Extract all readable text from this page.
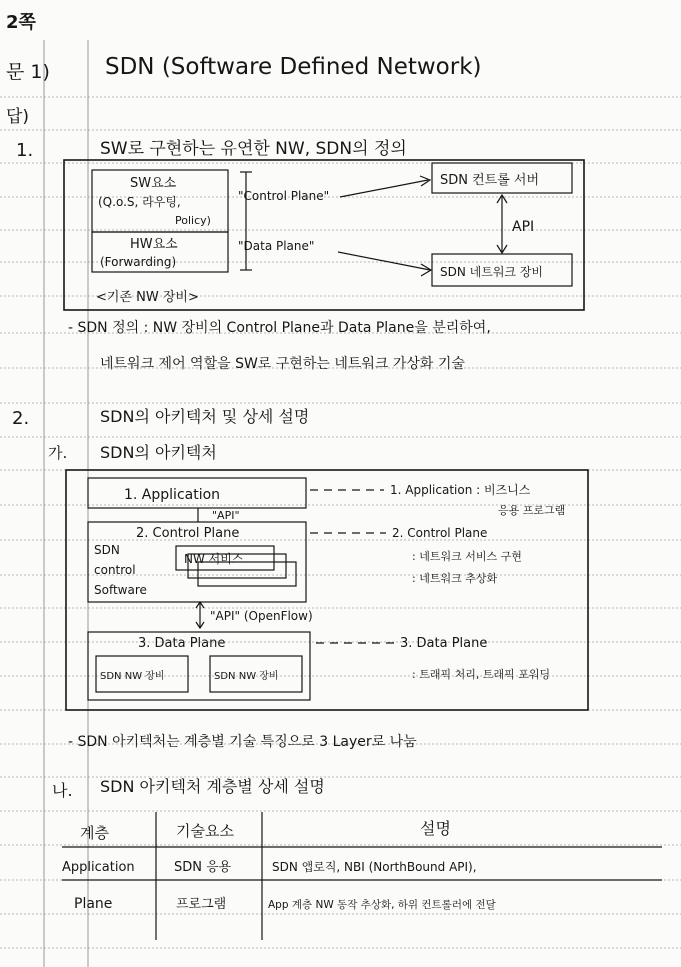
2쪽
문 1) SDN (Software Defined Network)
답)
1.	SW로 구현하는 유연한 NW, SDN의 정의
SW요소
(Q.o.S, 라우팅,
Policy)
HW요소
(Forwarding)
<기존 NW 장비>
"Control Plane"
"Data Plane"
SDN 컨트롤 서버
API
SDN 네트워크 장비
- SDN 정의 : NW 장비의 Control Plane과 Data Plane을 분리하여,
네트워크 제어 역할을 SW로 구현하는 네트워크 가상화 기술
2.	SDN의 아키텍처 및 상세 설명
가. SDN의 아키텍처
1. Application
"API"
2. Control Plane
SDN
control
Software
NW 서비스
"API" (OpenFlow)
3. Data Plane
SDN NW 장비	SDN NW 장비
1. Application : 비즈니스
응용 프로그램
2. Control Plane
: 네트워크 서비스 구현
: 네트워크 추상화
3. Data Plane
: 트래픽 처리, 트래픽 포워딩
- SDN 아키텍처는 계층별 기술 특징으로 3 Layer로 나눔
나. SDN 아키텍처 계층별 상세 설명
계층	기술요소	설명
Application	SDN 응용	SDN 앱로직, NBI (NorthBound API),
Plane	프로그램	App 계층 NW 동작 추상화, 하위 컨트롤러에 전달
